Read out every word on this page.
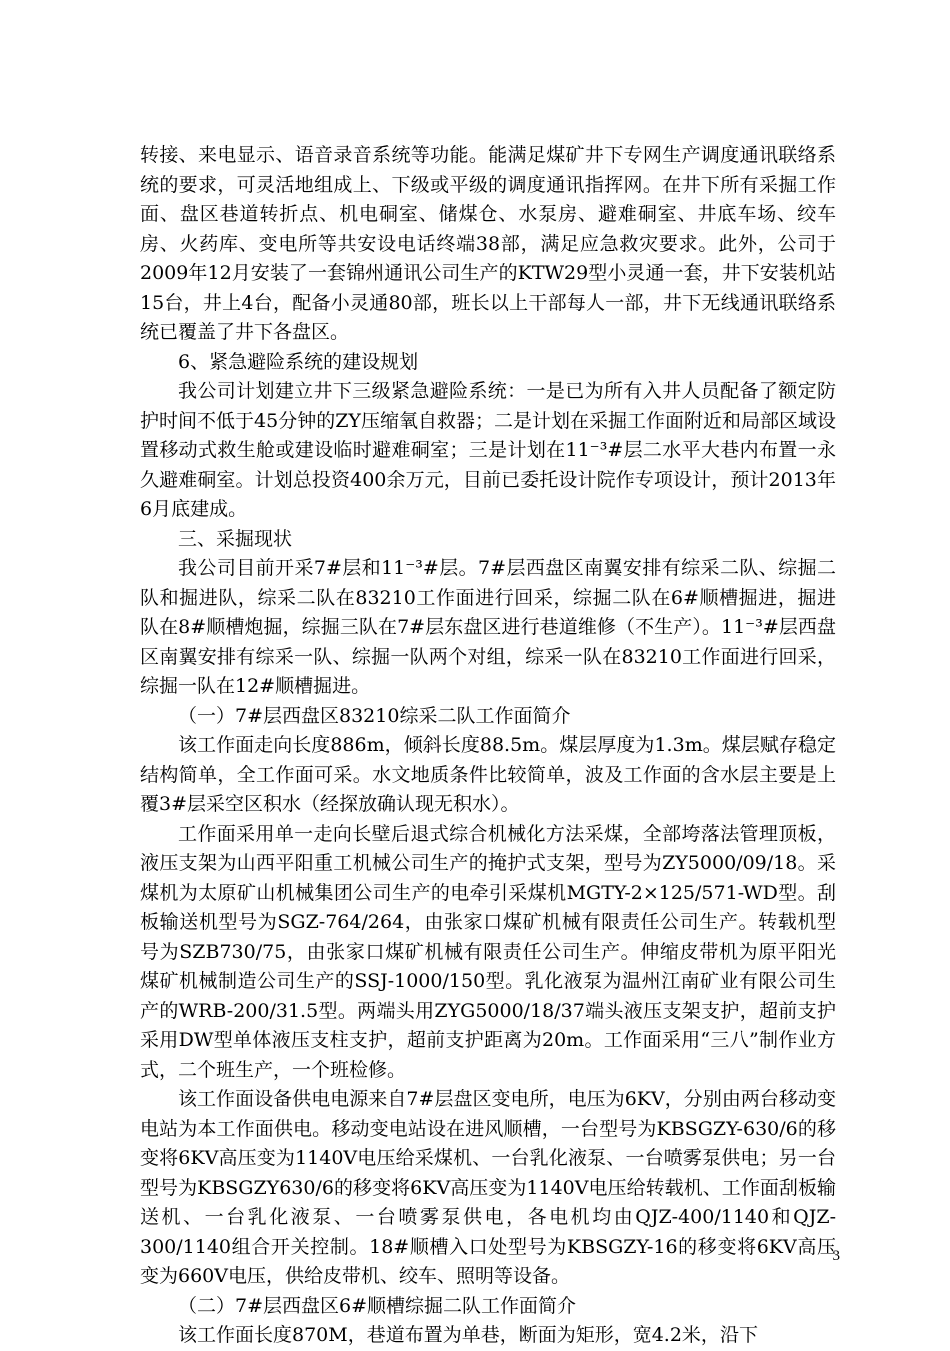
转接、来电显示、语音录音系统等功能。能满足煤矿井下专网生产调度通讯联络系统的要求，可灵活地组成上、下级或平级的调度通讯指挥网。在井下所有采掘工作面、盘区巷道转折点、机电硐室、储煤仓、水泵房、避难硐室、井底车场、绞车房、火药库、变电所等共安设电话终端38部，满足应急救灾要求。此外，公司于2009年12月安装了一套锦州通讯公司生产的KTW29型小灵通一套，井下安装机站15台，井上4台，配备小灵通80部，班长以上干部每人一部，井下无线通讯联络系统已覆盖了井下各盘区。

6、紧急避险系统的建设规划

我公司计划建立井下三级紧急避险系统：一是已为所有入井人员配备了额定防护时间不低于45分钟的ZY压缩氧自救器；二是计划在采掘工作面附近和局部区域设置移动式救生舱或建设临时避难硐室；三是计划在11⁻³#层二水平大巷内布置一永久避难硐室。计划总投资400余万元，目前已委托设计院作专项设计，预计2013年6月底建成。

三、采掘现状

我公司目前开采7#层和11⁻³#层。7#层西盘区南翼安排有综采二队、综掘二队和掘进队，综采二队在83210工作面进行回采，综掘二队在6#顺槽掘进，掘进队在8#顺槽炮掘，综掘三队在7#层东盘区进行巷道维修（不生产）。11⁻³#层西盘区南翼安排有综采一队、综掘一队两个对组，综采一队在83210工作面进行回采，综掘一队在12#顺槽掘进。

（一）7#层西盘区83210综采二队工作面简介

该工作面走向长度886m，倾斜长度88.5m。煤层厚度为1.3m。煤层赋存稳定结构简单，全工作面可采。水文地质条件比较简单，波及工作面的含水层主要是上覆3#层采空区积水（经探放确认现无积水）。

工作面采用单一走向长壁后退式综合机械化方法采煤，全部垮落法管理顶板，液压支架为山西平阳重工机械公司生产的掩护式支架，型号为ZY5000/09/18。采煤机为太原矿山机械集团公司生产的电牵引采煤机MGTY-2×125/571-WD型。刮板输送机型号为SGZ-764/264，由张家口煤矿机械有限责任公司生产。转载机型号为SZB730/75，由张家口煤矿机械有限责任公司生产。伸缩皮带机为原平阳光煤矿机械制造公司生产的SSJ-1000/150型。乳化液泵为温州江南矿业有限公司生产的WRB-200/31.5型。两端头用ZYG5000/18/37端头液压支架支护，超前支护采用DW型单体液压支柱支护，超前支护距离为20m。工作面采用“三八”制作业方式，二个班生产，一个班检修。

该工作面设备供电电源来自7#层盘区变电所，电压为6KV，分别由两台移动变电站为本工作面供电。移动变电站设在进风顺槽，一台型号为KBSGZY-630/6的移变将6KV高压变为1140V电压给采煤机、一台乳化液泵、一台喷雾泵供电；另一台型号为KBSGZY630/6的移变将6KV高压变为1140V电压给转载机、工作面刮板输送机、一台乳化液泵、一台喷雾泵供电，各电机均由QJZ-400/1140和QJZ-300/1140组合开关控制。18#顺槽入口处型号为KBSGZY-16的移变将6KV高压变为660V电压，供给皮带机、绞车、照明等设备。

（二）7#层西盘区6#顺槽综掘二队工作面简介

该工作面长度870M，巷道布置为单巷，断面为矩形，宽4.2米，沿下

3
